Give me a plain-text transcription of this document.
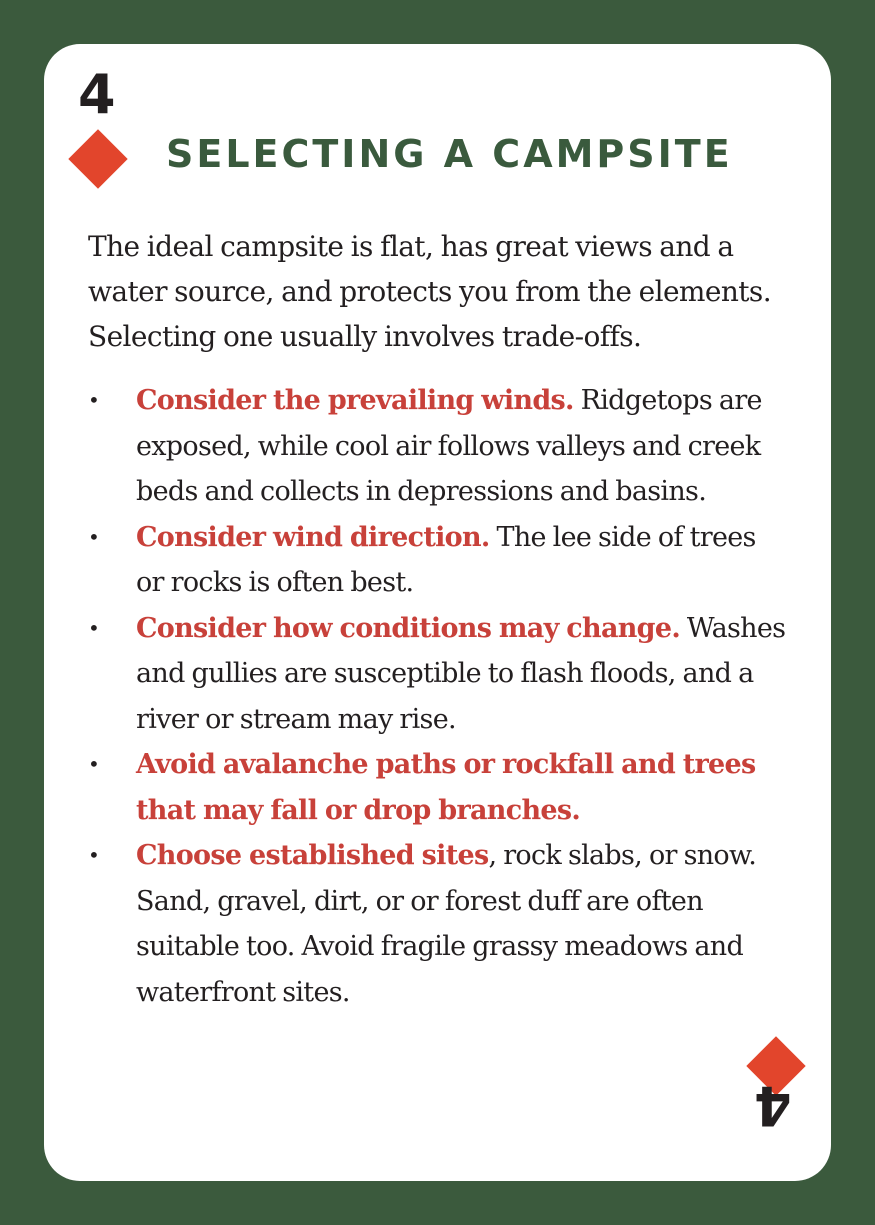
4
SELECTING A CAMPSITE

The ideal campsite is flat, has great views and a water source, and protects you from the elements. Selecting one usually involves trade-offs.

• Consider the prevailing winds. Ridgetops are exposed, while cool air follows valleys and creek beds and collects in depressions and basins.
• Consider wind direction. The lee side of trees or rocks is often best.
• Consider how conditions may change. Washes and gullies are susceptible to flash floods, and a river or stream may rise.
• Avoid avalanche paths or rockfall and trees that may fall or drop branches.
• Choose established sites, rock slabs, or snow. Sand, gravel, dirt, or or forest duff are often suitable too. Avoid fragile grassy meadows and waterfront sites.
4
